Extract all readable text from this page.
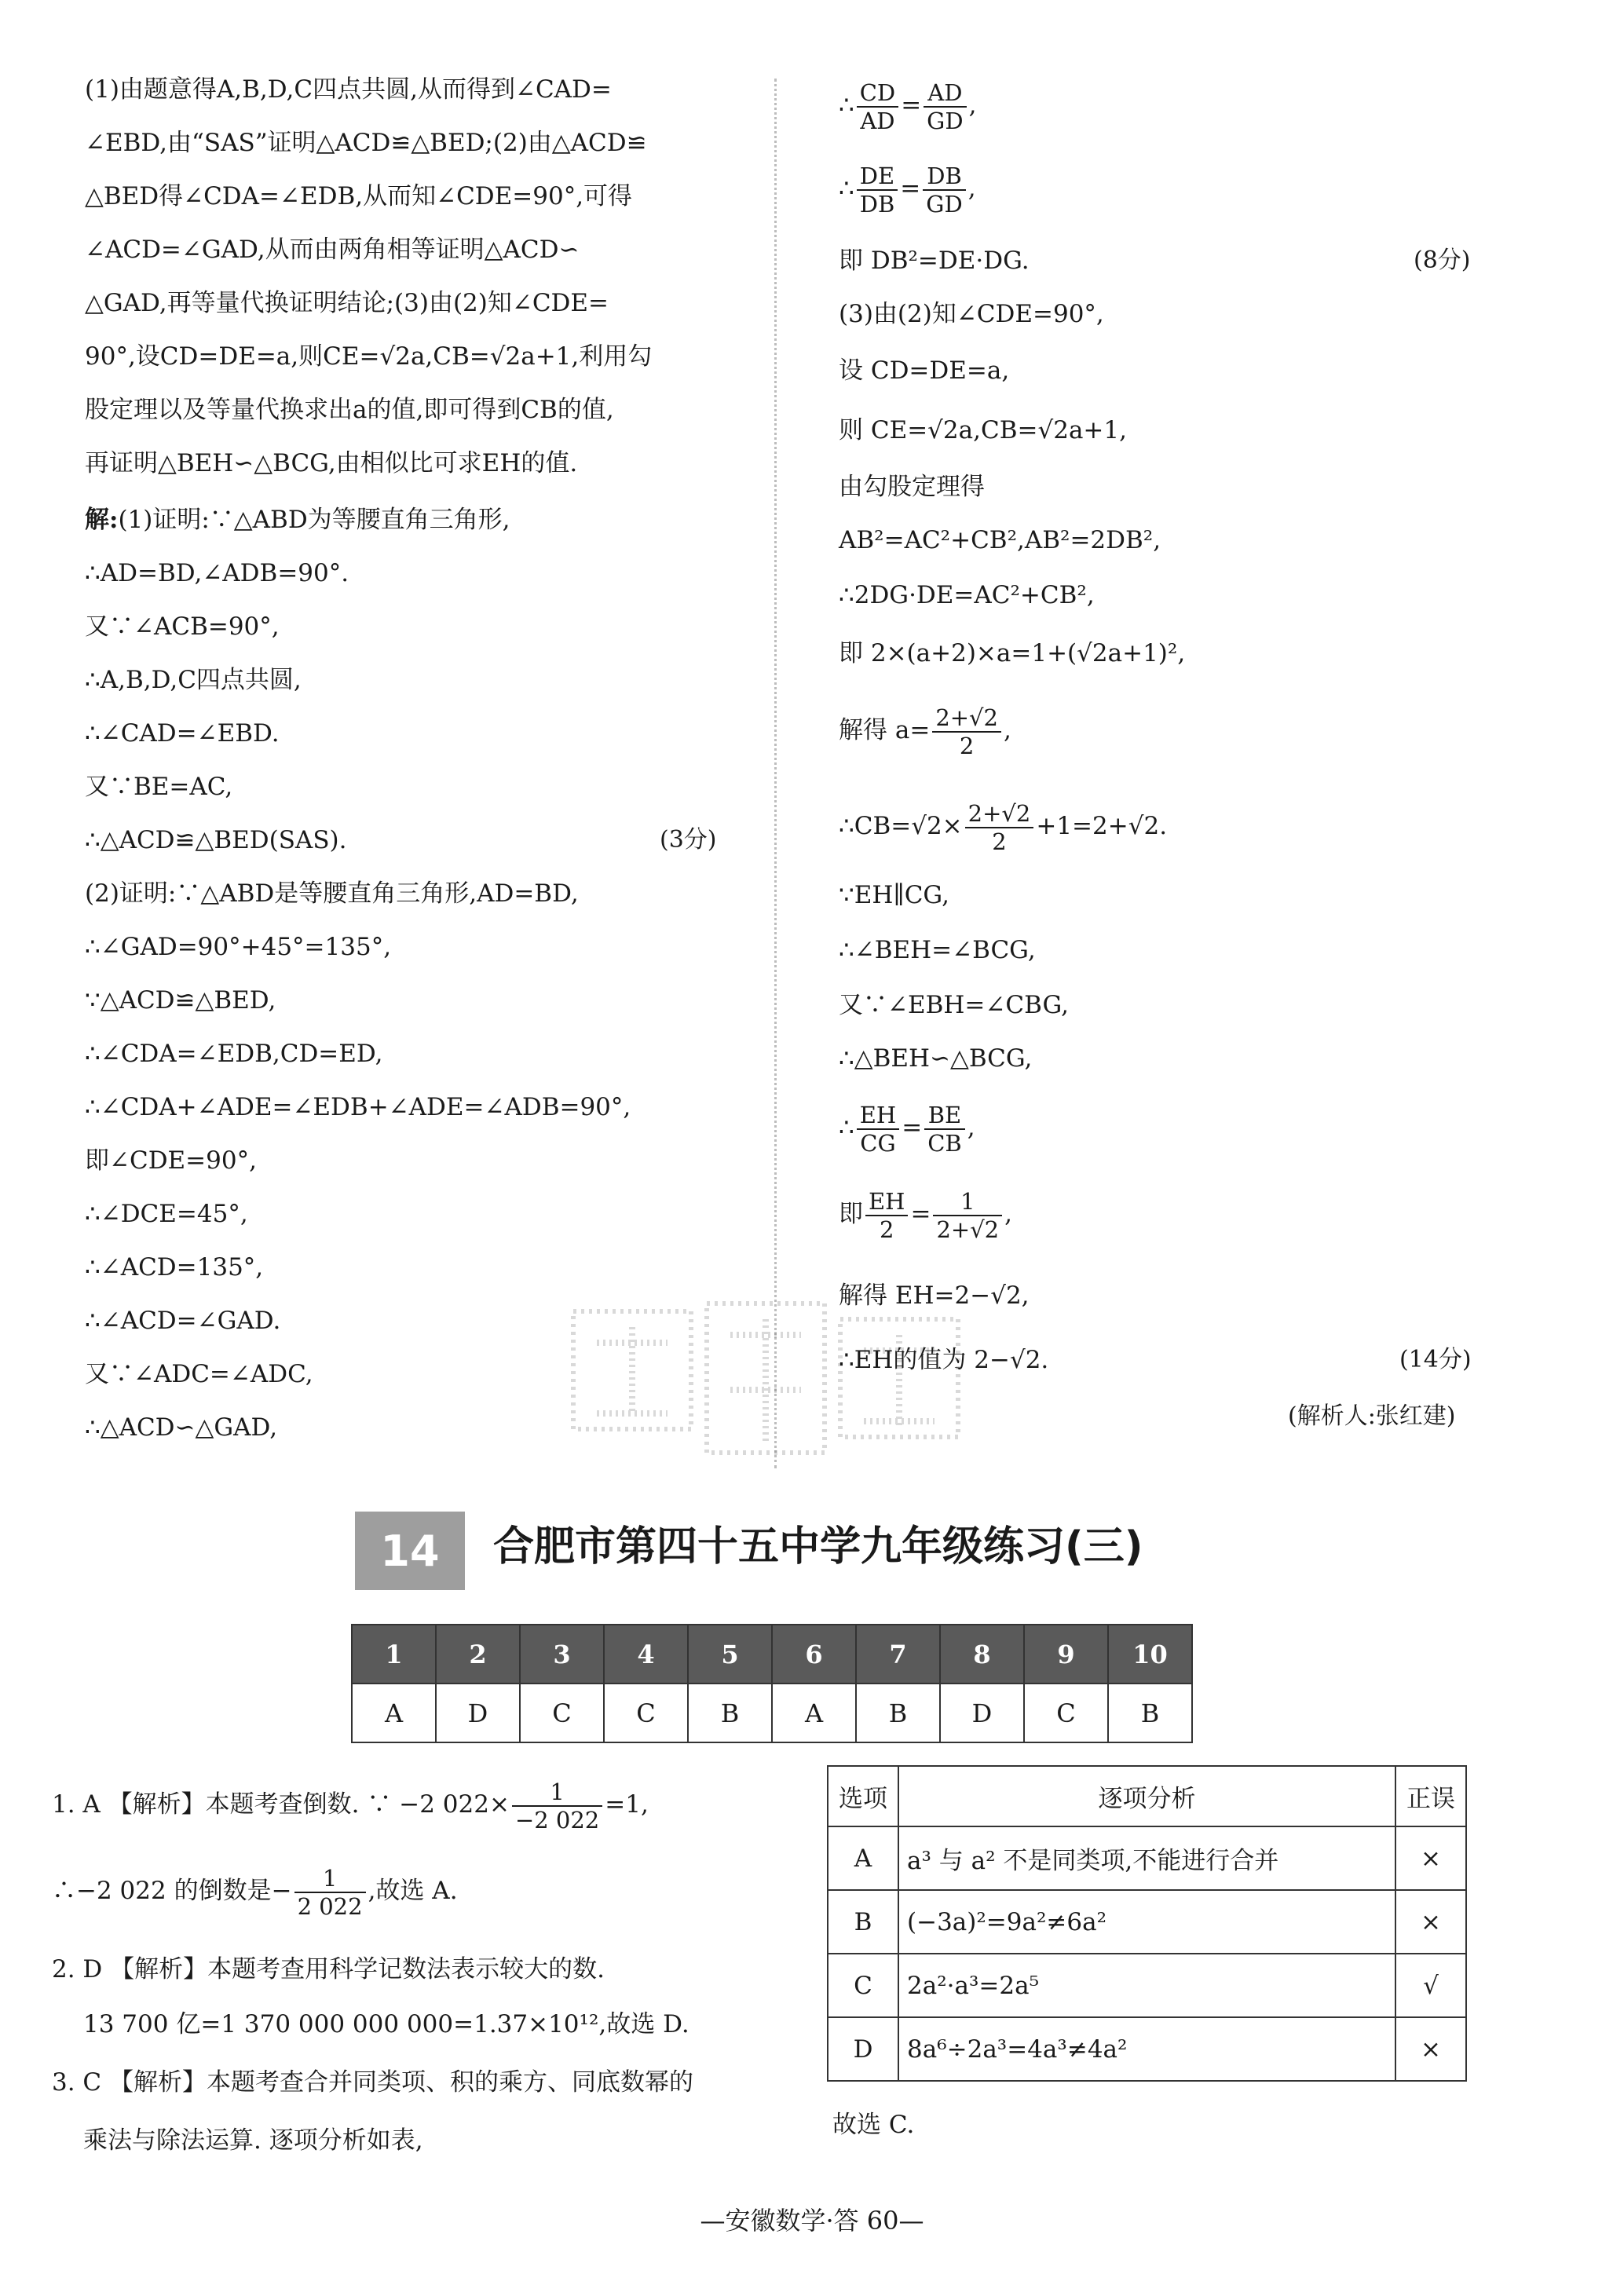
(1)由题意得A,B,D,C四点共圆,从而得到∠CAD=
∠EBD,由“SAS”证明△ACD≌△BED;(2)由△ACD≌
△BED得∠CDA=∠EDB,从而知∠CDE=90°,可得
∠ACD=∠GAD,从而由两角相等证明△ACD∽
△GAD,再等量代换证明结论;(3)由(2)知∠CDE=
90°,设CD=DE=a,则CE=√2a,CB=√2a+1,利用勾
股定理以及等量代换求出a的值,即可得到CB的值,
再证明△BEH∽△BCG,由相似比可求EH的值.
解:(1)证明:∵△ABD为等腰直角三角形,
∴AD=BD,∠ADB=90°.
又∵∠ACB=90°,
∴A,B,D,C四点共圆,
∴∠CAD=∠EBD.
又∵BE=AC,
∴△ACD≌△BED(SAS).	(3分)
(2)证明:∵△ABD是等腰直角三角形,AD=BD,
∴∠GAD=90°+45°=135°,
∵△ACD≌△BED,
∴∠CDA=∠EDB,CD=ED,
∴∠CDA+∠ADE=∠EDB+∠ADE=∠ADB=90°,
即∠CDE=90°,
∴∠DCE=45°,
∴∠ACD=135°,
∴∠ACD=∠GAD.
又∵∠ADC=∠ADC,
∴△ACD∽△GAD,
∴ $\frac{CD}{AD} = \frac{AD}{GD}$ ,
∴ $\frac{DE}{DB} = \frac{DB}{GD}$ ,
即 DB²=DE·DG.	(8分)
(3)由(2)知∠CDE=90°,
设 CD=DE=a,
则 CE=√2a,CB=√2a+1,
由勾股定理得
AB²=AC²+CB²,AB²=2DB²,
∴2DG·DE=AC²+CB²,
即 2×(a+2)×a=1+(√2a+1)²,
解得 $a= \frac{2+√2}{2}$ ,
∴CB=√2× $\frac{2+√2}{2} +1=2+√2$.
∵EH∥CG,
∴∠BEH=∠BCG,
又∵∠EBH=∠CBG,
∴△BEH∽△BCG,
∴ $\frac{EH}{CG} = \frac{BE}{CB}$ ,
即 $\frac{EH}{2} = \frac{1}{2+√2}$ ,
解得 EH=2−√2,
∴EH的值为 2−√2.	(14分)
(解析人:张红建)
14	合肥市第四十五中学九年级练习(三)
1	2	3	4	5	6	7	8	9	10
A	D	C	C	B	A	B	D	C	B
1. A 【解析】本题考查倒数. ∵ −2 $022\times \frac{1}{-2 022} =1$,
∴−2 022 的倒数是− $\frac{1}{2 022}$ ,故选 A.
2. D 【解析】本题考查用科学记数法表示较大的数.
13 700 亿=1 370 000 000 000=1.37×10¹²,故选 D.
3. C 【解析】本题考查合并同类项、积的乘方、同底数幂的
乘法与除法运算. 逐项分析如表,
选项	逐项分析	正误
A	a³ 与 a² 不是同类项,不能进行合并	×
B	(−3a)²=9a²≠6a²	×
C	2a²·a³=2a⁵	√
D	8a⁶÷2a³=4a³≠4a²	×
故选 C.
—安徽数学·答 60—
